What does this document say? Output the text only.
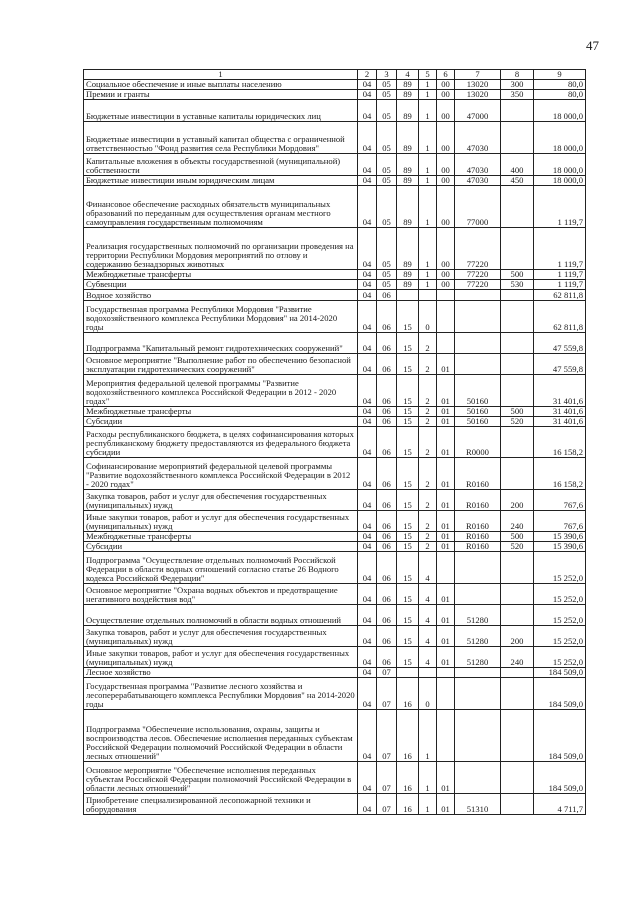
47
1	2	3	4	5	6	7	8	9
Социальное обеспечение и иные выплаты населению	04	05	89	1	00	13020	300	80,0
Премии и гранты	04	05	89	1	00	13020	350	80,0
Бюджетные инвестиции в уставные капиталы юридических лиц	04	05	89	1	00	47000		18 000,0
Бюджетные инвестиции в уставный капитал общества с ограниченной ответственностью "Фонд развития села Республики Мордовия"	04	05	89	1	00	47030		18 000,0
Капитальные вложения в объекты государственной (муниципальной) собственности	04	05	89	1	00	47030	400	18 000,0
Бюджетные инвестиции иным юридическим лицам	04	05	89	1	00	47030	450	18 000,0
Финансовое обеспечение расходных обязательств муниципальных образований по переданным для осуществления органам местного самоуправления государственным полномочиям	04	05	89	1	00	77000		1 119,7
Реализация государственных полномочий по организации проведения на территории Республики Мордовия мероприятий по отлову и содержанию безнадзорных животных	04	05	89	1	00	77220		1 119,7
Межбюджетные трансферты	04	05	89	1	00	77220	500	1 119,7
Субвенции	04	05	89	1	00	77220	530	1 119,7
Водное хозяйство	04	06						62 811,8
Государственная программа Республики Мордовия "Развитие водохозяйственного комплекса Республики Мордовия" на 2014-2020 годы	04	06	15	0				62 811,8
Подпрограмма "Капитальный ремонт гидротехнических сооружений"	04	06	15	2				47 559,8
Основное мероприятие "Выполнение работ по обеспечению безопасной эксплуатации гидротехнических сооружений"	04	06	15	2	01			47 559,8
Мероприятия федеральной целевой программы "Развитие водохозяйственного комплекса Российской Федерации в 2012 - 2020 годах"	04	06	15	2	01	50160		31 401,6
Межбюджетные трансферты	04	06	15	2	01	50160	500	31 401,6
Субсидии	04	06	15	2	01	50160	520	31 401,6
Расходы республиканского бюджета, в целях софинансирования которых республиканскому бюджету предоставляются из федерального бюджета субсидии	04	06	15	2	01	R0000		16 158,2
Софинансирование мероприятий федеральной целевой программы "Развитие водохозяйственного комплекса Российской Федерации в 2012 - 2020 годах"	04	06	15	2	01	R0160		16 158,2
Закупка товаров, работ и услуг для обеспечения государственных (муниципальных) нужд	04	06	15	2	01	R0160	200	767,6
Иные закупки товаров, работ и услуг для обеспечения государственных (муниципальных) нужд	04	06	15	2	01	R0160	240	767,6
Межбюджетные трансферты	04	06	15	2	01	R0160	500	15 390,6
Субсидии	04	06	15	2	01	R0160	520	15 390,6
Подпрограмма "Осуществление отдельных полномочий Российской Федерации в области водных отношений согласно статье 26 Водного кодекса Российской Федерации"	04	06	15	4				15 252,0
Основное мероприятие "Охрана водных объектов и предотвращение негативного воздействия вод"	04	06	15	4	01			15 252,0
Осуществление отдельных полномочий в области водных отношений	04	06	15	4	01	51280		15 252,0
Закупка товаров, работ и услуг для обеспечения государственных (муниципальных) нужд	04	06	15	4	01	51280	200	15 252,0
Иные закупки товаров, работ и услуг для обеспечения государственных (муниципальных) нужд	04	06	15	4	01	51280	240	15 252,0
Лесное хозяйство	04	07						184 509,0
Государственная программа "Развитие лесного хозяйства и лесоперерабатывающего комплекса Республики Мордовия" на 2014-2020 годы	04	07	16	0				184 509,0
Подпрограмма "Обеспечение использования, охраны, защиты и воспроизводства лесов. Обеспечение исполнения переданных субъектам Российской Федерации полномочий Российской Федерации в области лесных отношений"	04	07	16	1				184 509,0
Основное мероприятие "Обеспечение исполнения переданных субъектам Российской Федерации полномочий Российской Федерации в области лесных отношений"	04	07	16	1	01			184 509,0
Приобретение специализированной лесопожарной техники и оборудования	04	07	16	1	01	51310		4 711,7
